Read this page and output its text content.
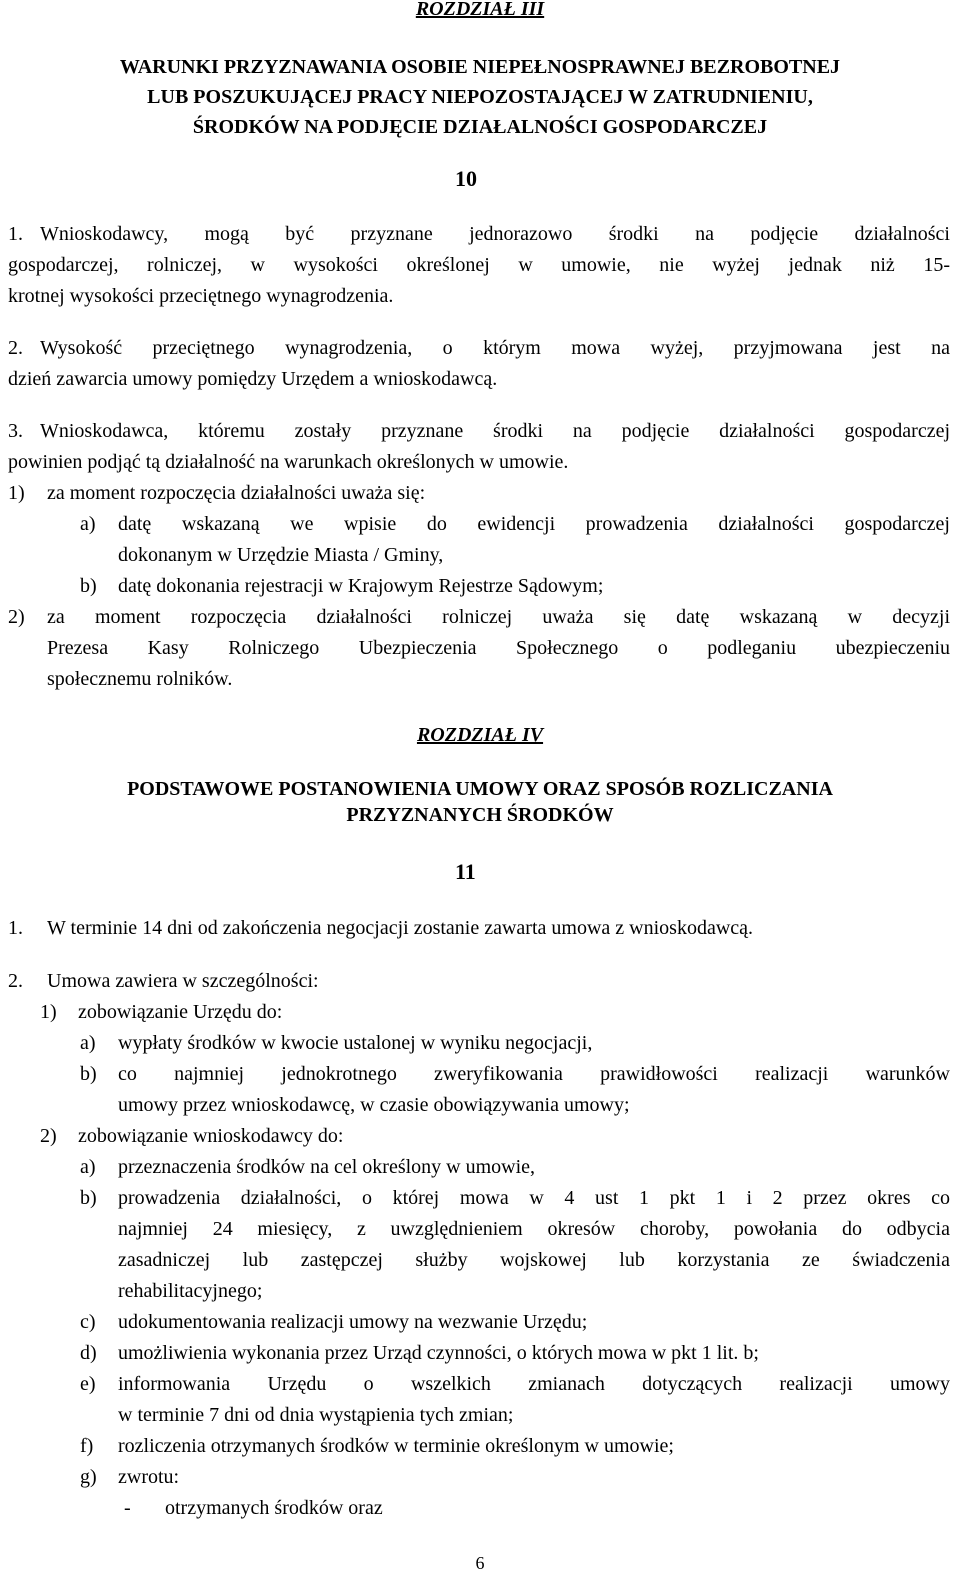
ROZDZIAŁ III
WARUNKI PRZYZNAWANIA OSOBIE NIEPEŁNOSPRAWNEJ BEZROBOTNEJ
LUB POSZUKUJĄCEJ PRACY NIEPOZOSTAJĄCEJ W ZATRUDNIENIU,
ŚRODKÓW NA PODJĘCIE DZIAŁALNOŚCI GOSPODARCZEJ
10
1. Wnioskodawcy, mogą być przyznane jednorazowo środki na podjęcie działalności
gospodarczej, rolniczej, w wysokości określonej w umowie, nie wyżej jednak niż 15-
krotnej wysokości przeciętnego wynagrodzenia.
2. Wysokość przeciętnego wynagrodzenia, o którym mowa wyżej, przyjmowana jest na
dzień zawarcia umowy pomiędzy Urzędem a wnioskodawcą.
3. Wnioskodawca, któremu zostały przyznane środki na podjęcie działalności gospodarczej
powinien podjąć tą działalność na warunkach określonych w umowie.
1) za moment rozpoczęcia działalności uważa się:
a) datę wskazaną we wpisie do ewidencji prowadzenia działalności gospodarczej
dokonanym w Urzędzie Miasta / Gminy,
b) datę dokonania rejestracji w Krajowym Rejestrze Sądowym;
2) za moment rozpoczęcia działalności rolniczej uważa się datę wskazaną w decyzji
Prezesa Kasy Rolniczego Ubezpieczenia Społecznego o podleganiu ubezpieczeniu
społecznemu rolników.
ROZDZIAŁ IV
PODSTAWOWE POSTANOWIENIA UMOWY ORAZ SPOSÓB ROZLICZANIA
PRZYZNANYCH ŚRODKÓW
11
1. W terminie 14 dni od zakończenia negocjacji zostanie zawarta umowa z wnioskodawcą.
2. Umowa zawiera w szczególności:
1) zobowiązanie Urzędu do:
a) wypłaty środków w kwocie ustalonej w wyniku negocjacji,
b) co najmniej jednokrotnego zweryfikowania prawidłowości realizacji warunków
umowy przez wnioskodawcę, w czasie obowiązywania umowy;
2) zobowiązanie wnioskodawcy do:
a) przeznaczenia środków na cel określony w umowie,
b) prowadzenia działalności, o której mowa w 4 ust 1 pkt 1 i 2 przez okres co
najmniej 24 miesięcy, z uwzględnieniem okresów choroby, powołania do odbycia
zasadniczej lub zastępczej służby wojskowej lub korzystania ze świadczenia
rehabilitacyjnego;
c) udokumentowania realizacji umowy na wezwanie Urzędu;
d) umożliwienia wykonania przez Urząd czynności, o których mowa w pkt 1 lit. b;
e) informowania Urzędu o wszelkich zmianach dotyczących realizacji umowy
w terminie 7 dni od dnia wystąpienia tych zmian;
f) rozliczenia otrzymanych środków w terminie określonym w umowie;
g) zwrotu:
- otrzymanych środków oraz
6
